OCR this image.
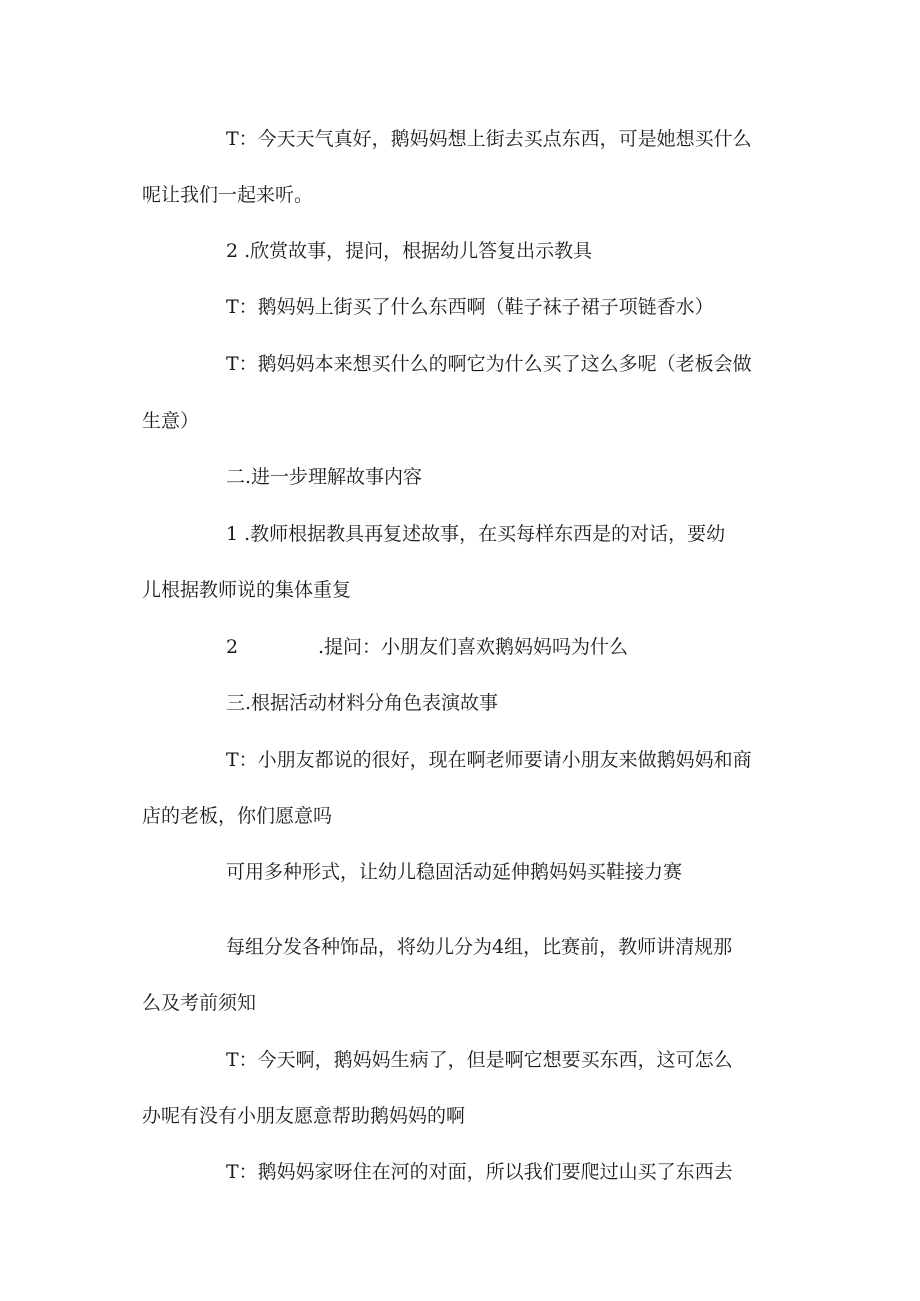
T：今天天气真好，鹅妈妈想上街去买点东西，可是她想买什么
呢让我们一起来听。
2 .欣赏故事，提问，根据幼儿答复出示教具
T：鹅妈妈上街买了什么东西啊（鞋子袜子裙子项链香水）
T：鹅妈妈本来想买什么的啊它为什么买了这么多呢（老板会做
生意）
二.进一步理解故事内容
1 .教师根据教具再复述故事，在买每样东西是的对话，要幼
儿根据教师说的集体重复
2	.提问：小朋友们喜欢鹅妈妈吗为什么
三.根据活动材料分角色表演故事
T：小朋友都说的很好，现在啊老师要请小朋友来做鹅妈妈和商
店的老板，你们愿意吗
可用多种形式，让幼儿稳固活动延伸鹅妈妈买鞋接力赛
每组分发各种饰品，将幼儿分为4组，比赛前，教师讲清规那
么及考前须知
T：今天啊，鹅妈妈生病了，但是啊它想要买东西，这可怎么
办呢有没有小朋友愿意帮助鹅妈妈的啊
T：鹅妈妈家呀住在河的对面，所以我们要爬过山买了东西去
